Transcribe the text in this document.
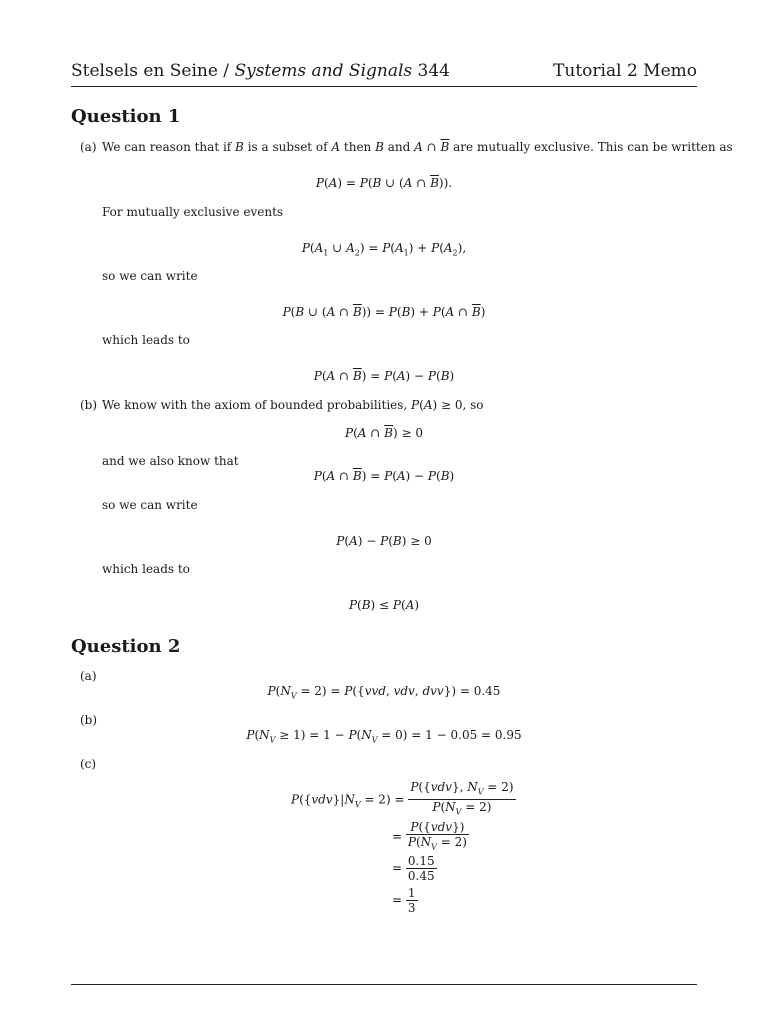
Stelsels en Seine / Systems and Signals 344	Tutorial 2 Memo
Question 1
(a) We can reason that if B is a subset of A then B and A ∩ $\overline{B}$ are mutually exclusive. This can be written as
P(A) = P(B ∪ (A ∩ $\overline{B}$)).
For mutually exclusive events
$P(A_1$ ∪ $A_2) = P(A_1) + P(A_2)$,
so we can write
P(B ∪ (A ∩ $\overline{B})) = P(B) + P(A$ ∩ $\overline{B}$)
which leads to
P(A ∩ $\overline{B}) = P(A) - P(B)$
(b) We know with the axiom of bounded probabilities, P(A) ≥ 0, so
P(A ∩ $\overline{B}) \ge 0$
and we also know that
P(A ∩ $\overline{B}) = P(A) - P(B)$
so we can write
P(A) − P(B) ≥ 0
which leads to
P(B) ≤ P(A)
Question 2
(a)
$P(N_V = 2) = P(\{vvd$, vdv, dvv}) = 0.45
(b)
$P(N_V \ge 1) = 1 - P(N_V = 0) = 1 - 0.05 = 0.95$
(c)
$P(\{vdv\}|N_V = 2) = \frac{P(\{vdv\}, N_V = 2)}{P(N_V = 2)}$
= $\frac{\text{P(\{vdv\})}}{P(N_V = 2)}$
= $\frac{0.15}{0.45}$
= $\frac{1}{3}$
